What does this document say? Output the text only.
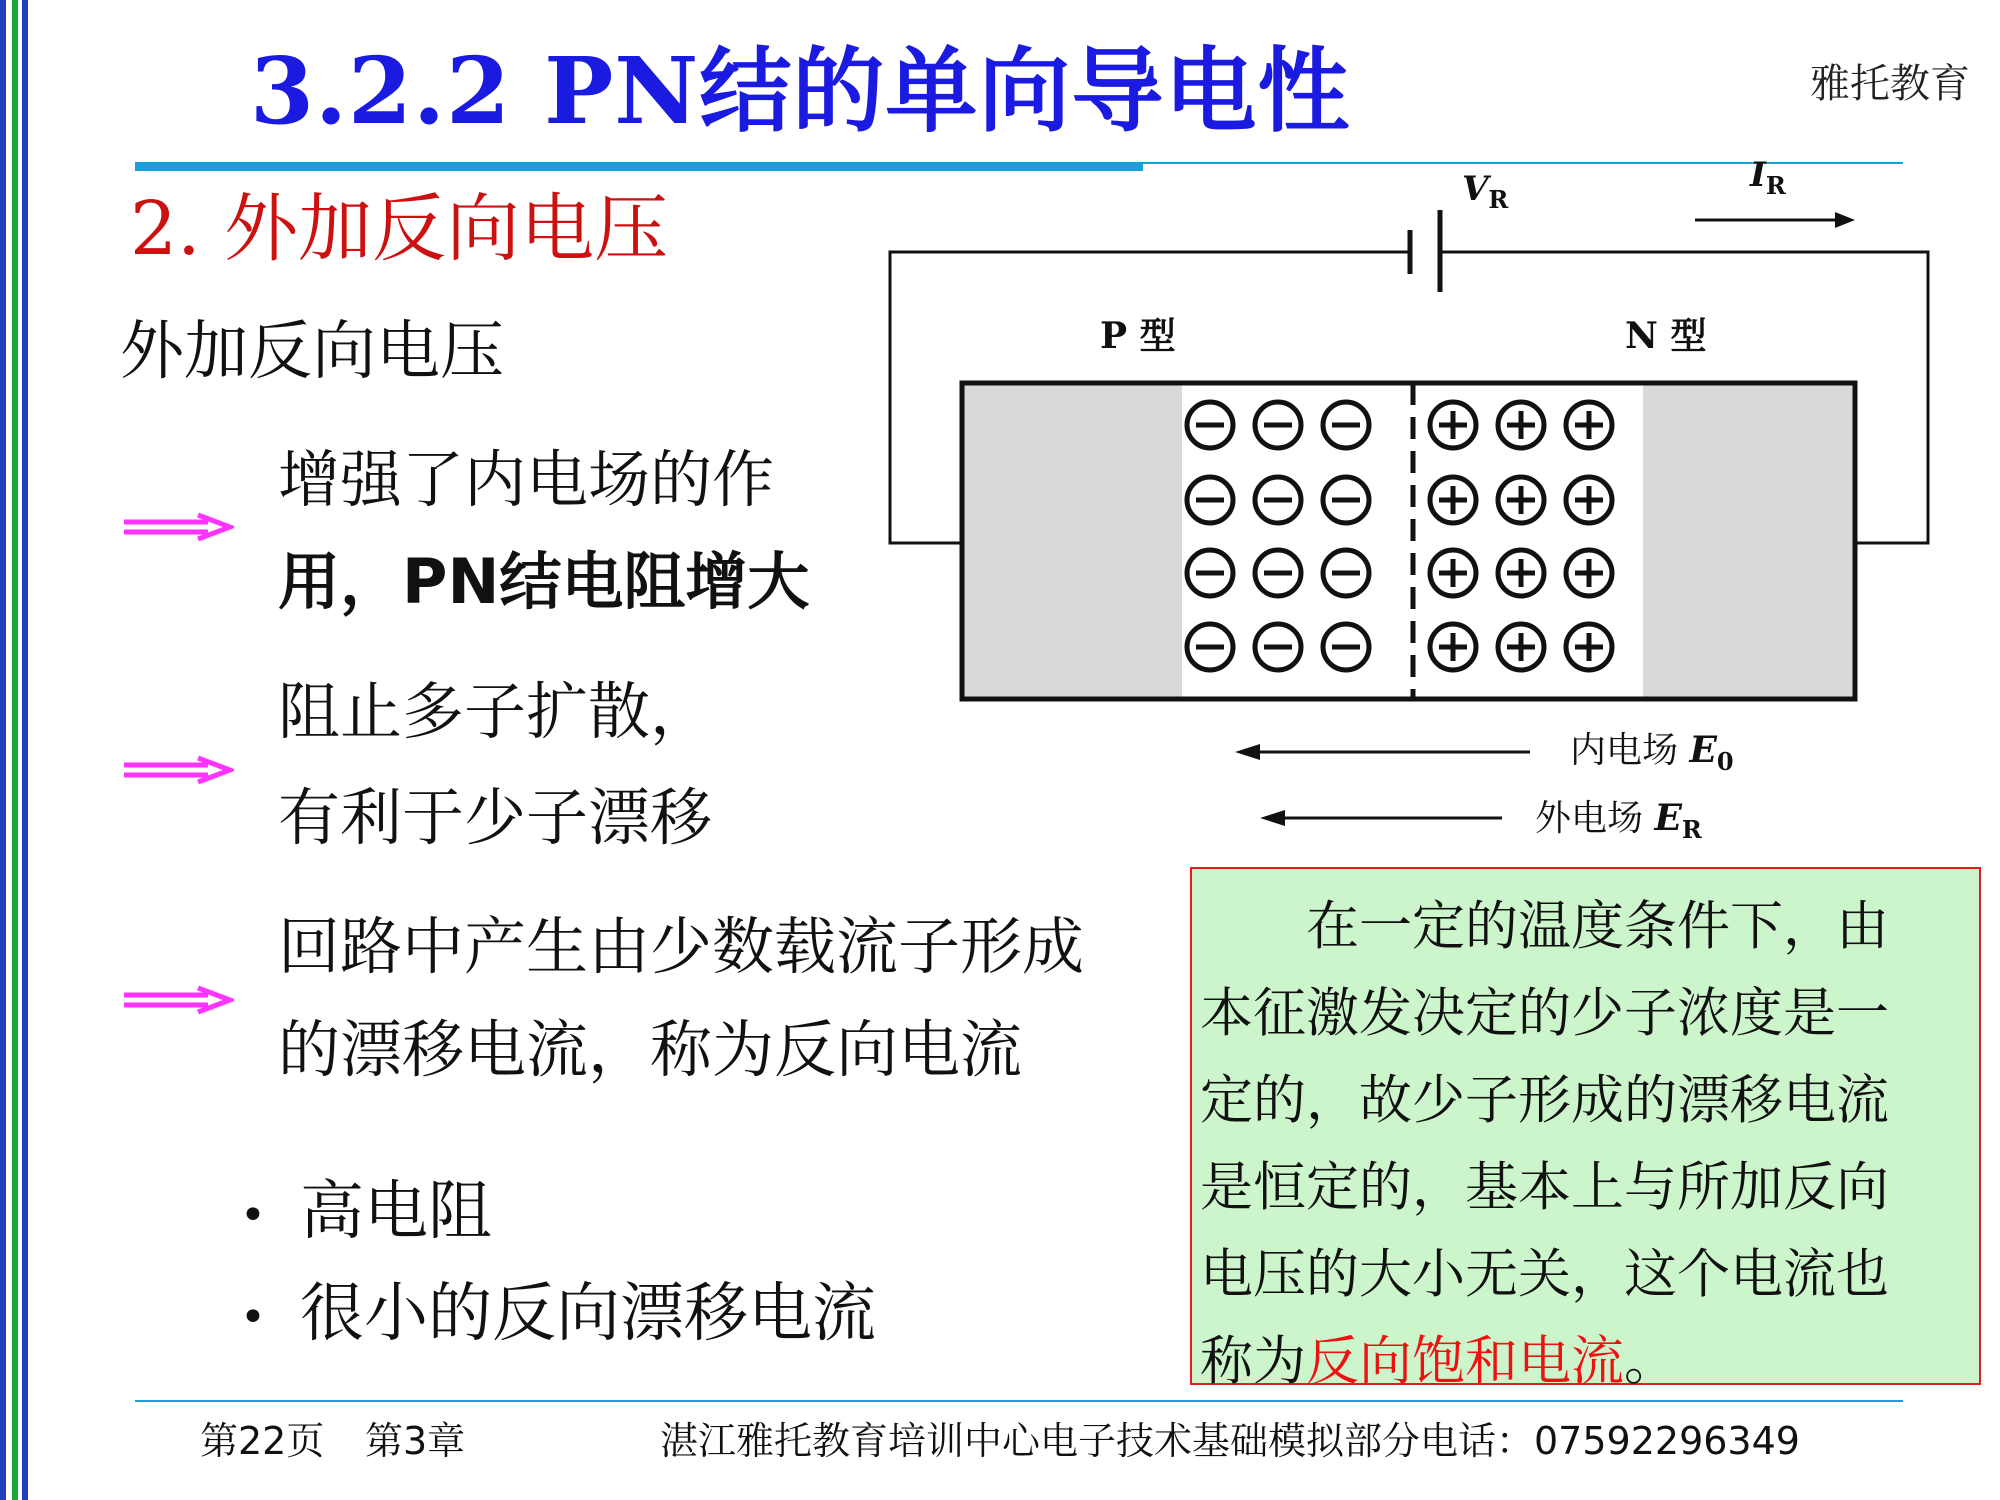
3.2.2 PN结的单向导电性	雅托教育
2. 外加反向电压
外加反向电压
增强了内电场的作
用，PN结电阻增大
阻止多子扩散，
有利于少子漂移
回路中产生由少数载流子形成
的漂移电流，称为反向电流
• 高电阻
• 很小的反向漂移电流
$V_R$
$I_R$
P 型	N 型
内电场 $E_0$
外电场 $E_R$
　　在一定的温度条件下，由
本征激发决定的少子浓度是一
定的，故少子形成的漂移电流
是恒定的，基本上与所加反向
电压的大小无关，这个电流也
称为反向饱和电流。
第22页 第3章	湛江雅托教育培训中心电子技术基础模拟部分电话：07592296349
